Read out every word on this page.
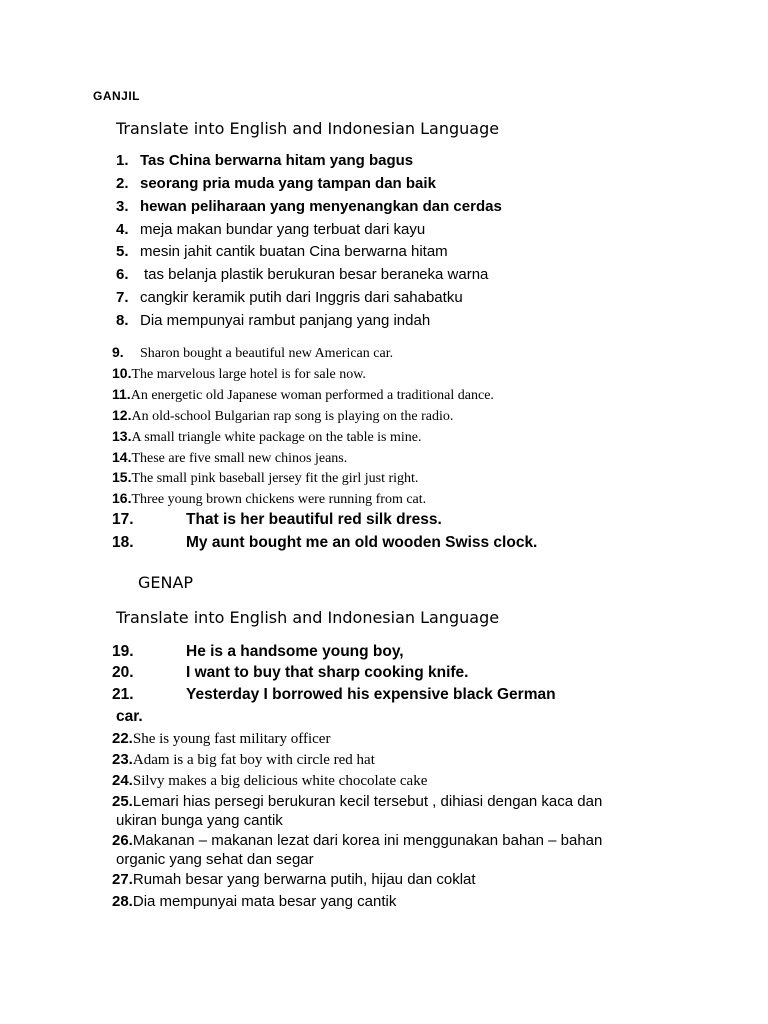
GANJIL
Translate into English and Indonesian Language
1. Tas China berwarna hitam yang bagus
2. seorang pria muda yang tampan dan baik
3. hewan peliharaan yang menyenangkan dan cerdas
4. meja makan bundar yang terbuat dari kayu
5. mesin jahit cantik buatan Cina berwarna hitam
6. tas belanja plastik berukuran besar beraneka warna
7. cangkir keramik putih dari Inggris dari sahabatku
8. Dia mempunyai rambut panjang yang indah
9. Sharon bought a beautiful new American car.
10.The marvelous large hotel is for sale now.
11.An energetic old Japanese woman performed a traditional dance.
12.An old-school Bulgarian rap song is playing on the radio.
13.A small triangle white package on the table is mine.
14.These are five small new chinos jeans.
15.The small pink baseball jersey fit the girl just right.
16.Three young brown chickens were running from cat.
17.	That is her beautiful red silk dress.
18.	My aunt bought me an old wooden Swiss clock.
GENAP
Translate into English and Indonesian Language
19.	He is a handsome young boy,
20.	I want to buy that sharp cooking knife.
21.	Yesterday I borrowed his expensive black German
car.
22.She is young fast military officer
23.Adam is a big fat boy with circle red hat
24.Silvy makes a big delicious white chocolate cake
25.Lemari hias persegi berukuran kecil tersebut , dihiasi dengan kaca dan
ukiran bunga yang cantik
26.Makanan – makanan lezat dari korea ini menggunakan bahan – bahan
organic yang sehat dan segar
27.Rumah besar yang berwarna putih, hijau dan coklat
28.Dia mempunyai mata besar yang cantik
